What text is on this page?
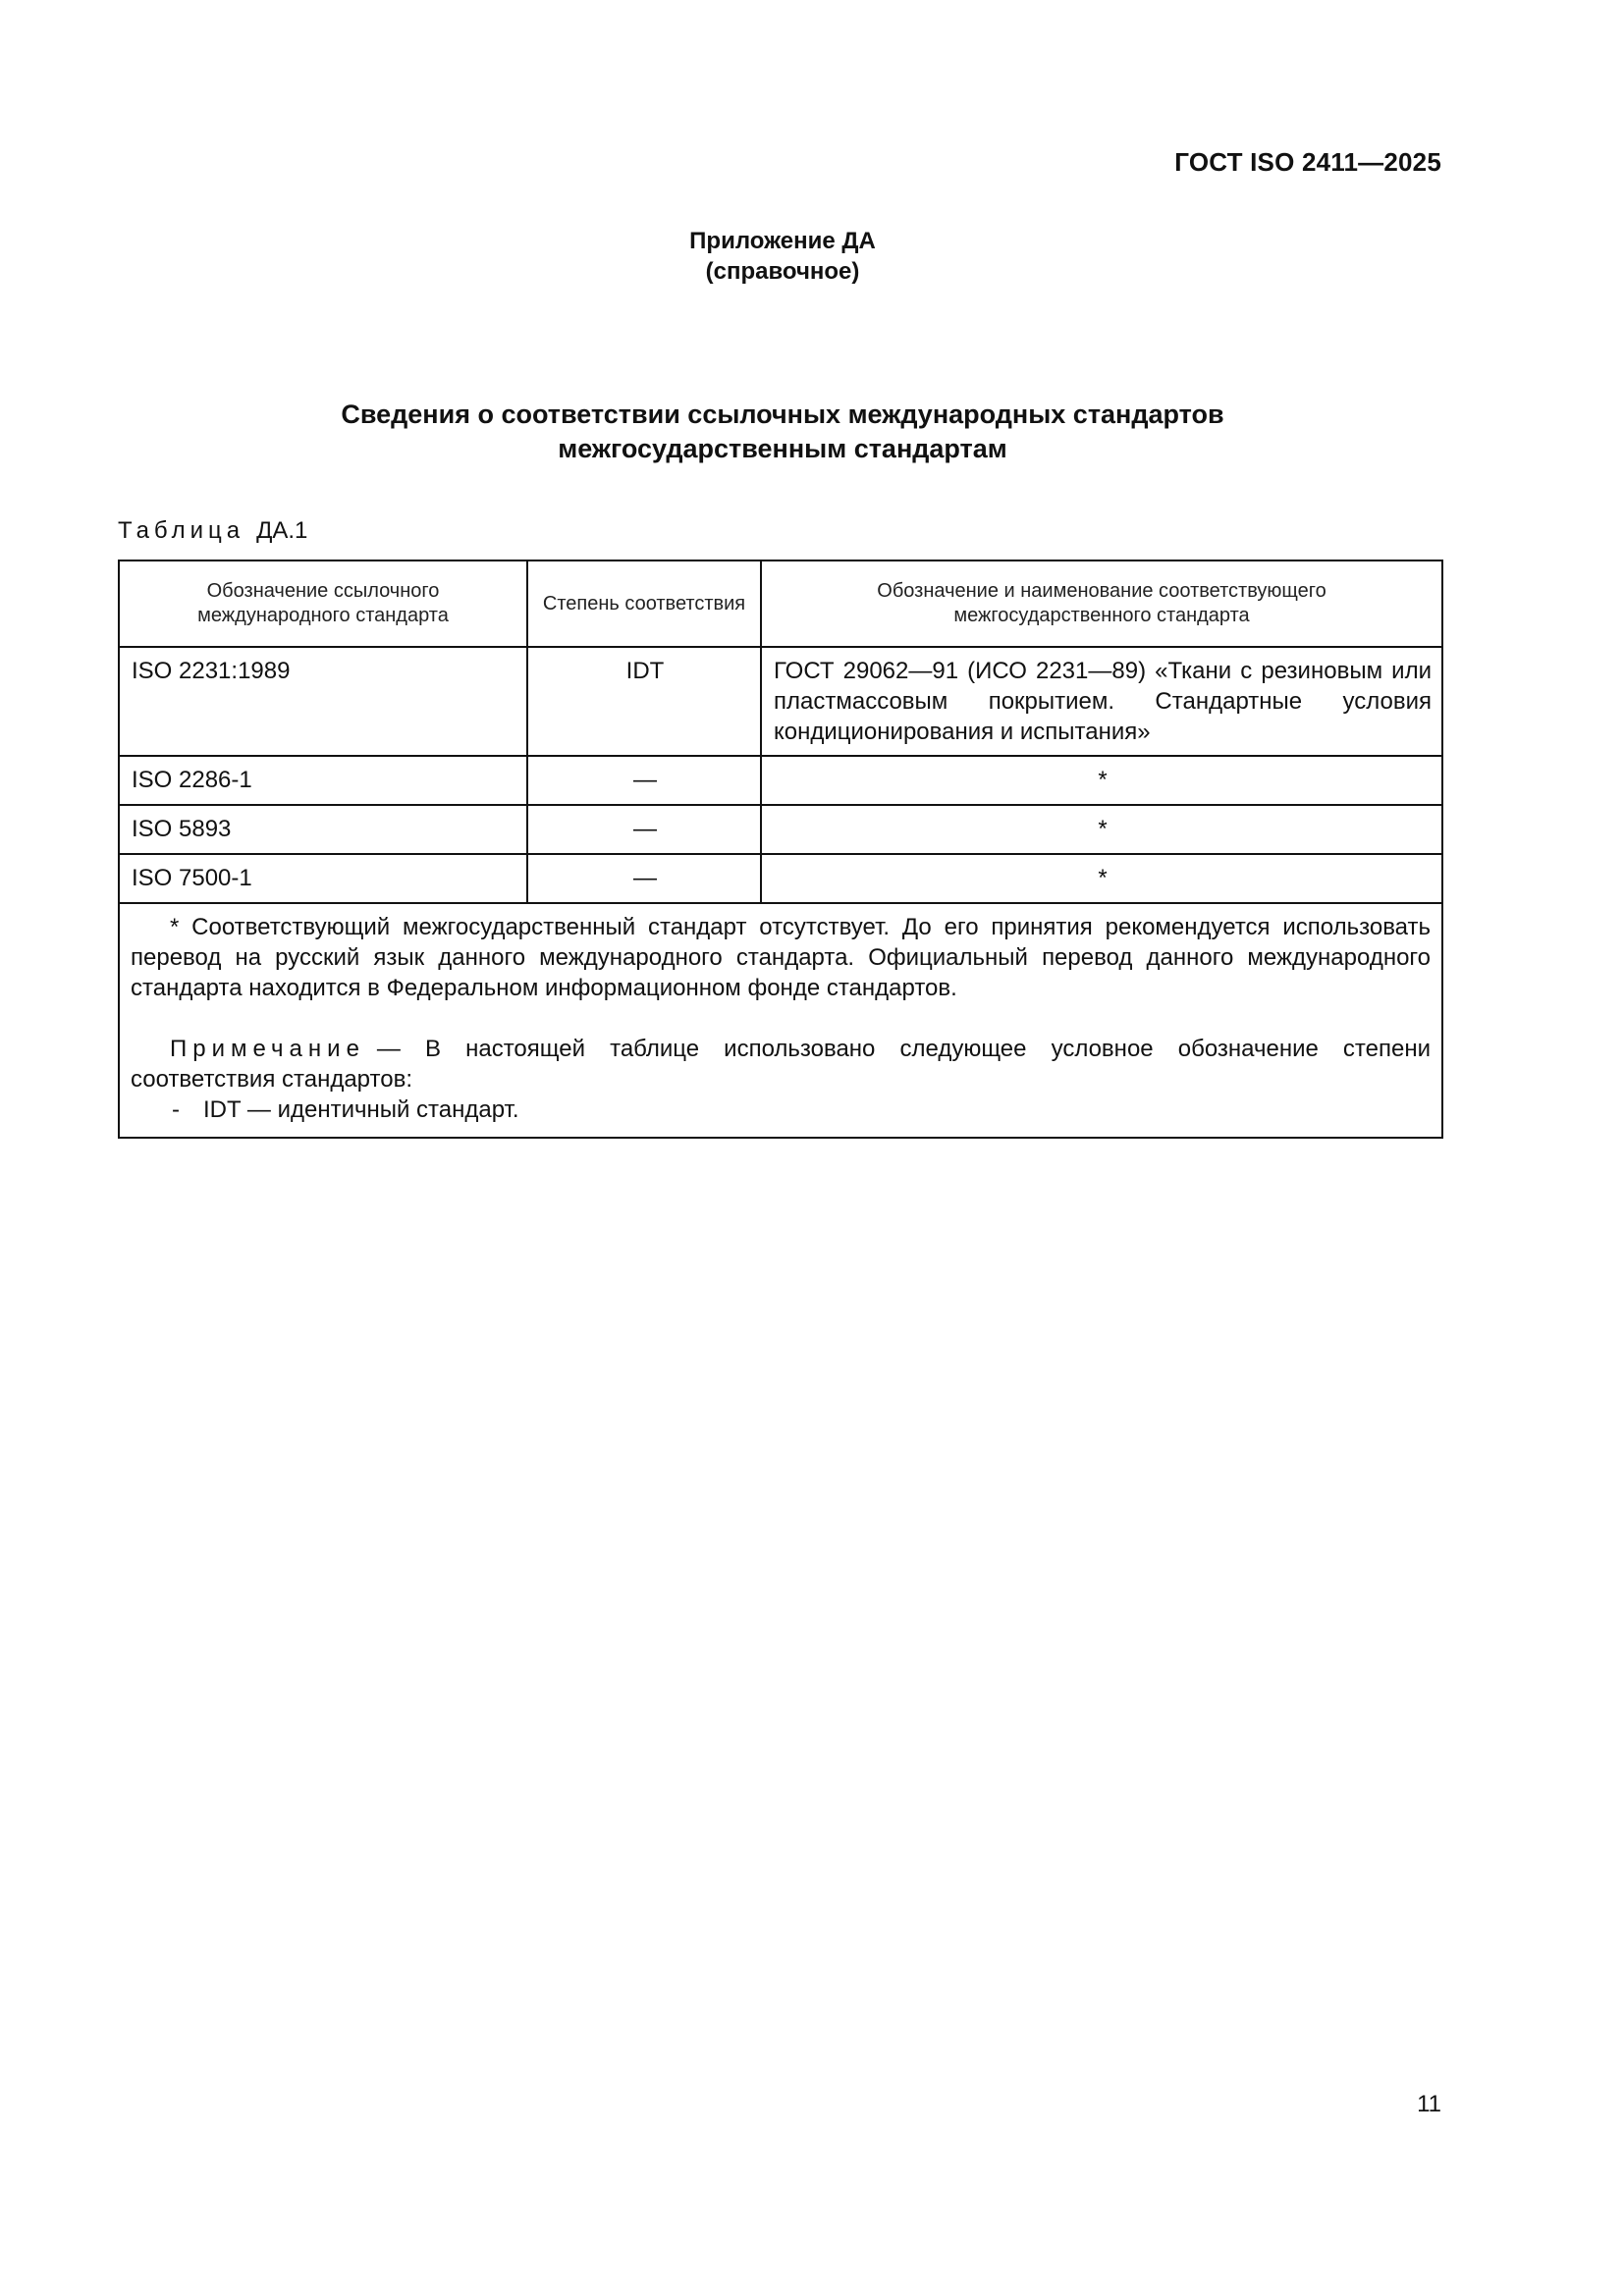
ГОСТ ISO 2411—2025
Приложение ДА
(справочное)
Сведения о соответствии ссылочных международных стандартов
межгосударственным стандартам
Таблица ДА.1
Обозначение ссылочного международного стандарта	Степень соответствия	Обозначение и наименование соответствующего межгосударственного стандарта
ISO 2231:1989	IDT	ГОСТ 29062—91 (ИСО 2231—89) «Ткани с резиновым или пластмассовым покрытием. Стандартные условия кондиционирования и испытания»
ISO 2286-1	—	*
ISO 5893	—	*
ISO 7500-1	—	*

* Соответствующий межгосударственный стандарт отсутствует. До его принятия рекомендуется использовать перевод на русский язык данного международного стандарта. Официальный перевод данного международного стандарта находится в Федеральном информационном фонде стандартов.

Примечание — В настоящей таблице использовано следующее условное обозначение степени соответствия стандартов:
- IDT — идентичный стандарт.		
11
